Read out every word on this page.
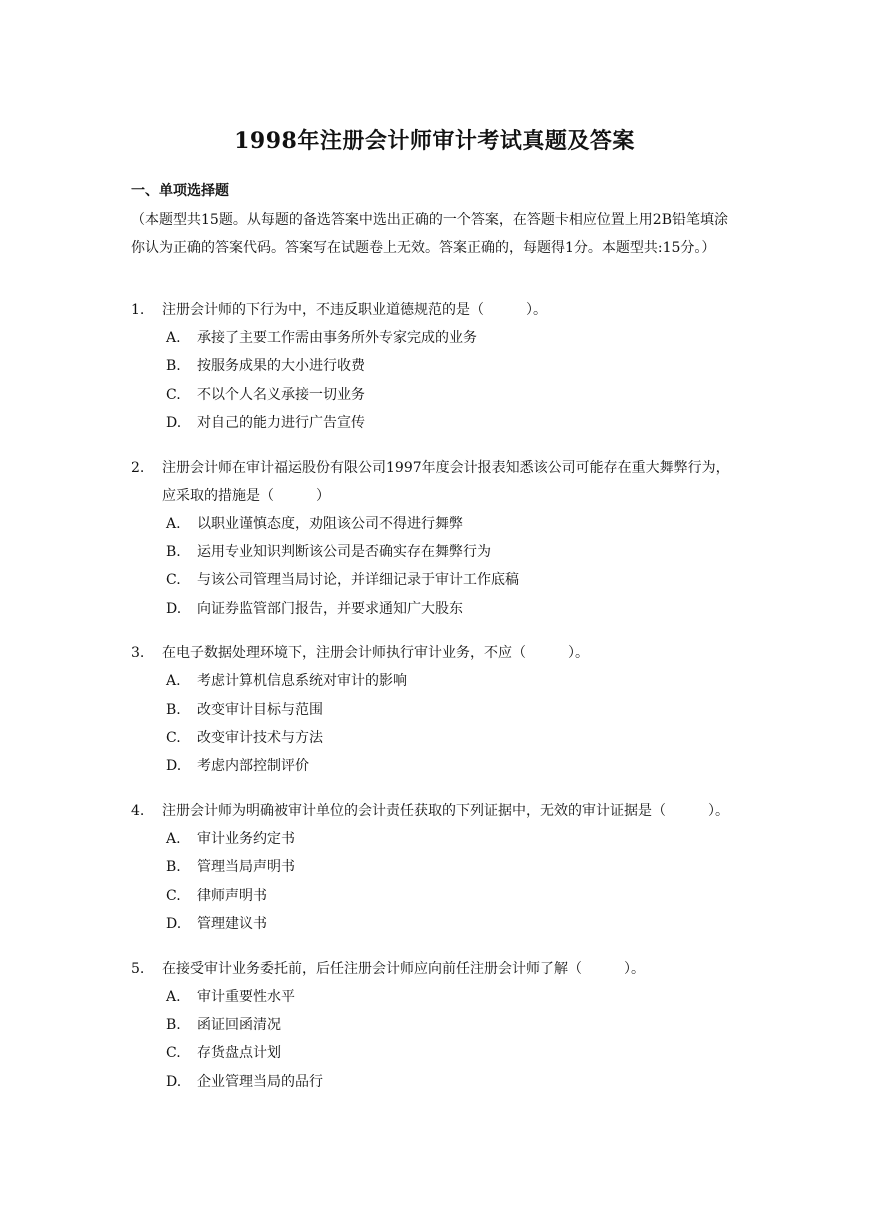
1998年注册会计师审计考试真题及答案
一、单项选择题
（本题型共15题。从每题的备选答案中选出正确的一个答案，在答题卡相应位置上用2B铅笔填涂你认为正确的答案代码。答案写在试题卷上无效。答案正确的，每题得1分。本题型共:15分。）
1.	注册会计师的下行为中，不违反职业道德规范的是（　　　）。
A.	承接了主要工作需由事务所外专家完成的业务
B.	按服务成果的大小进行收费
C.	不以个人名义承接一切业务
D.	对自己的能力进行广告宣传
2.	注册会计师在审计福运股份有限公司1997年度会计报表知悉该公司可能存在重大舞弊行为，应采取的措施是（　　　）
A.	以职业谨慎态度，劝阻该公司不得进行舞弊
B.	运用专业知识判断该公司是否确实存在舞弊行为
C.	与该公司管理当局讨论，并详细记录于审计工作底稿
D.	向证券监管部门报告，并要求通知广大股东
3.	在电子数据处理环境下，注册会计师执行审计业务，不应（　　　）。
A.	考虑计算机信息系统对审计的影响
B.	改变审计目标与范围
C.	改变审计技术与方法
D.	考虑内部控制评价
4.	注册会计师为明确被审计单位的会计责任获取的下列证据中，无效的审计证据是（　　　）。
A.	审计业务约定书
B.	管理当局声明书
C.	律师声明书
D.	管理建议书
5.	在接受审计业务委托前，后任注册会计师应向前任注册会计师了解（　　　）。
A.	审计重要性水平
B.	函证回函清况
C.	存货盘点计划
D.	企业管理当局的品行
